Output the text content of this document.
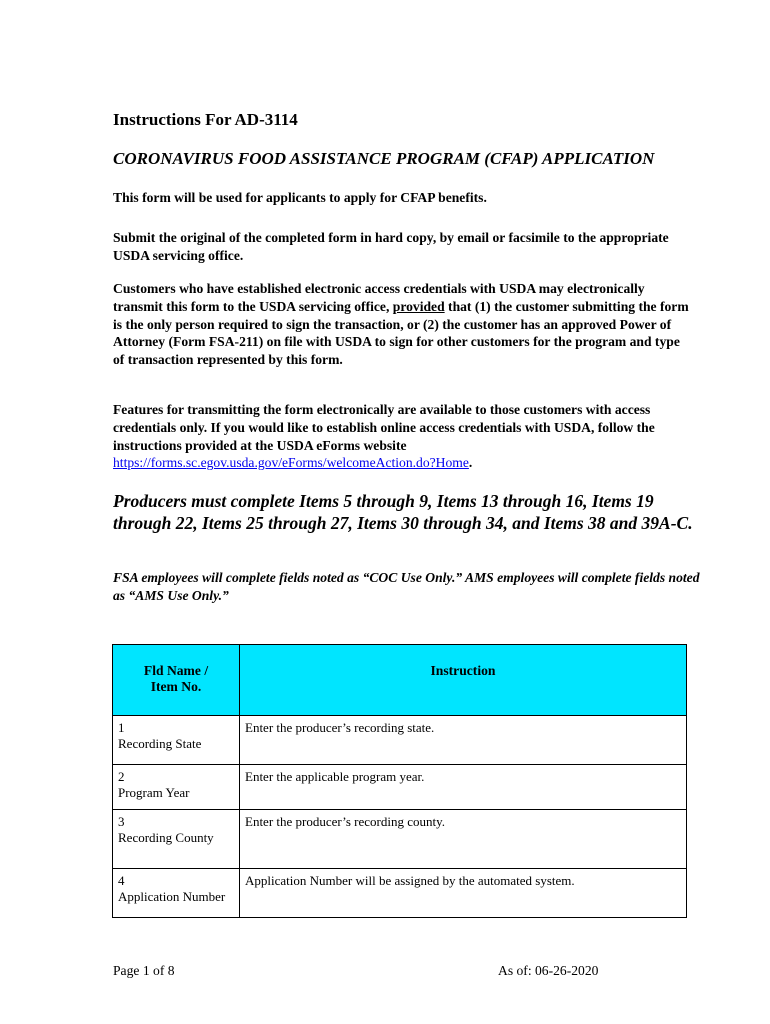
Instructions For AD-3114
CORONAVIRUS FOOD ASSISTANCE PROGRAM (CFAP) APPLICATION
This form will be used for applicants to apply for CFAP benefits.
Submit the original of the completed form in hard copy, by email or facsimile to the appropriate USDA servicing office.
Customers who have established electronic access credentials with USDA may electronically transmit this form to the USDA servicing office, provided that (1) the customer submitting the form is the only person required to sign the transaction, or (2) the customer has an approved Power of Attorney (Form FSA-211) on file with USDA to sign for other customers for the program and type of transaction represented by this form.
Features for transmitting the form electronically are available to those customers with access credentials only. If you would like to establish online access credentials with USDA, follow the instructions provided at the USDA eForms website https://forms.sc.egov.usda.gov/eForms/welcomeAction.do?Home.
Producers must complete Items 5 through 9, Items 13 through 16, Items 19 through 22, Items 25 through 27, Items 30 through 34, and Items 38 and 39A-C.
FSA employees will complete fields noted as “COC Use Only.” AMS employees will complete fields noted as “AMS Use Only.”
Fld Name /
Item No.	Instruction

1
Recording State	Enter the producer’s recording state.

2
Program Year	Enter the applicable program year.

3
Recording County	Enter the producer’s recording county.

4
Application Number	Application Number will be assigned by the automated system.
Page 1 of 8	As of: 06-26-2020
